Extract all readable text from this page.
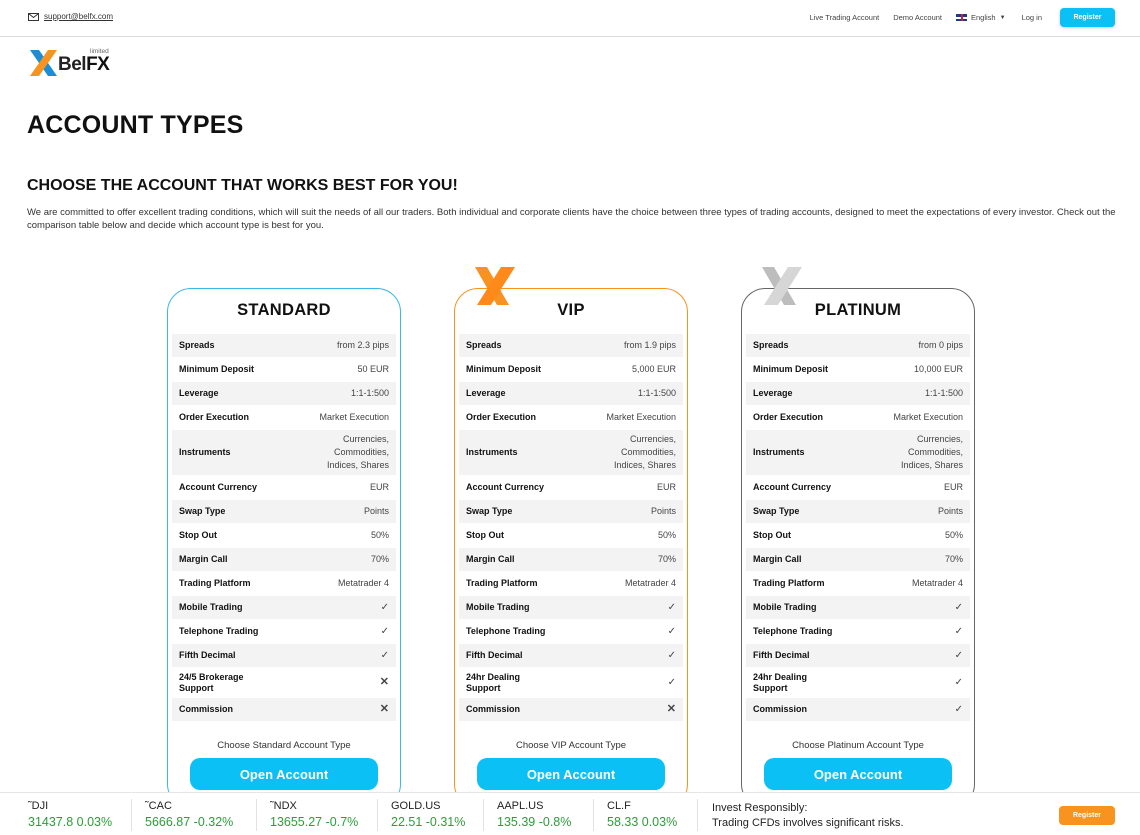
support@belfx.com	Live Trading Account Demo Account	English ▼ Log in	Register
limited
BelFX
ACCOUNT TYPES
CHOOSE THE ACCOUNT THAT WORKS BEST FOR YOU!

We are committed to offer excellent trading conditions, which will suit the needs of all our traders. Both individual and corporate clients have the choice between three types of trading accounts, designed to meet the expectations of every investor. Check out the comparison table below and decide which account type is best for you.

STANDARD
Spreads	from 2.3 pips
Minimum Deposit	50 EUR
Leverage	1:1-1:500
Order Execution	Market Execution
Instruments
Currencies, Commodities, Indices, Shares
Account Currency	EUR
Swap Type	Points
Stop Out	50%
Margin Call	70%
Trading Platform	Metatrader 4
Mobile Trading	✓
Telephone Trading	✓
Fifth Decimal	✓
24/5 Brokerage Support	✕
Commission	✕
Choose Standard Account Type
Open Account
VIP
Spreads	from 1.9 pips
Minimum Deposit	5,000 EUR
Leverage	1:1-1:500
Order Execution	Market Execution
Instruments
Currencies, Commodities, Indices, Shares
Account Currency	EUR
Swap Type	Points
Stop Out	50%
Margin Call	70%
Trading Platform	Metatrader 4
Mobile Trading	✓
Telephone Trading	✓
Fifth Decimal	✓
24hr Dealing Support	✓
Commission	✕
Choose VIP Account Type
Open Account
PLATINUM
Spreads	from 0 pips
Minimum Deposit	10,000 EUR
Leverage	1:1-1:500
Order Execution	Market Execution
Instruments
Currencies, Commodities, Indices, Shares
Account Currency	EUR
Swap Type	Points
Stop Out	50%
Margin Call	70%
Trading Platform	Metatrader 4
Mobile Trading	✓
Telephone Trading	✓
Fifth Decimal	✓
24hr Dealing Support	✓
Commission	✓
Choose Platinum Account Type
Open Account
˜DJI
31437.8 0.03%
˜CAC
5666.87 -0.32%
˜NDX
13655.27 -0.7%
GOLD.US
22.51 -0.31%
AAPL.US
135.39 -0.8%
CL.F
58.33 0.03%
Invest Responsibly:
Trading CFDs involves significant risks.
Register
